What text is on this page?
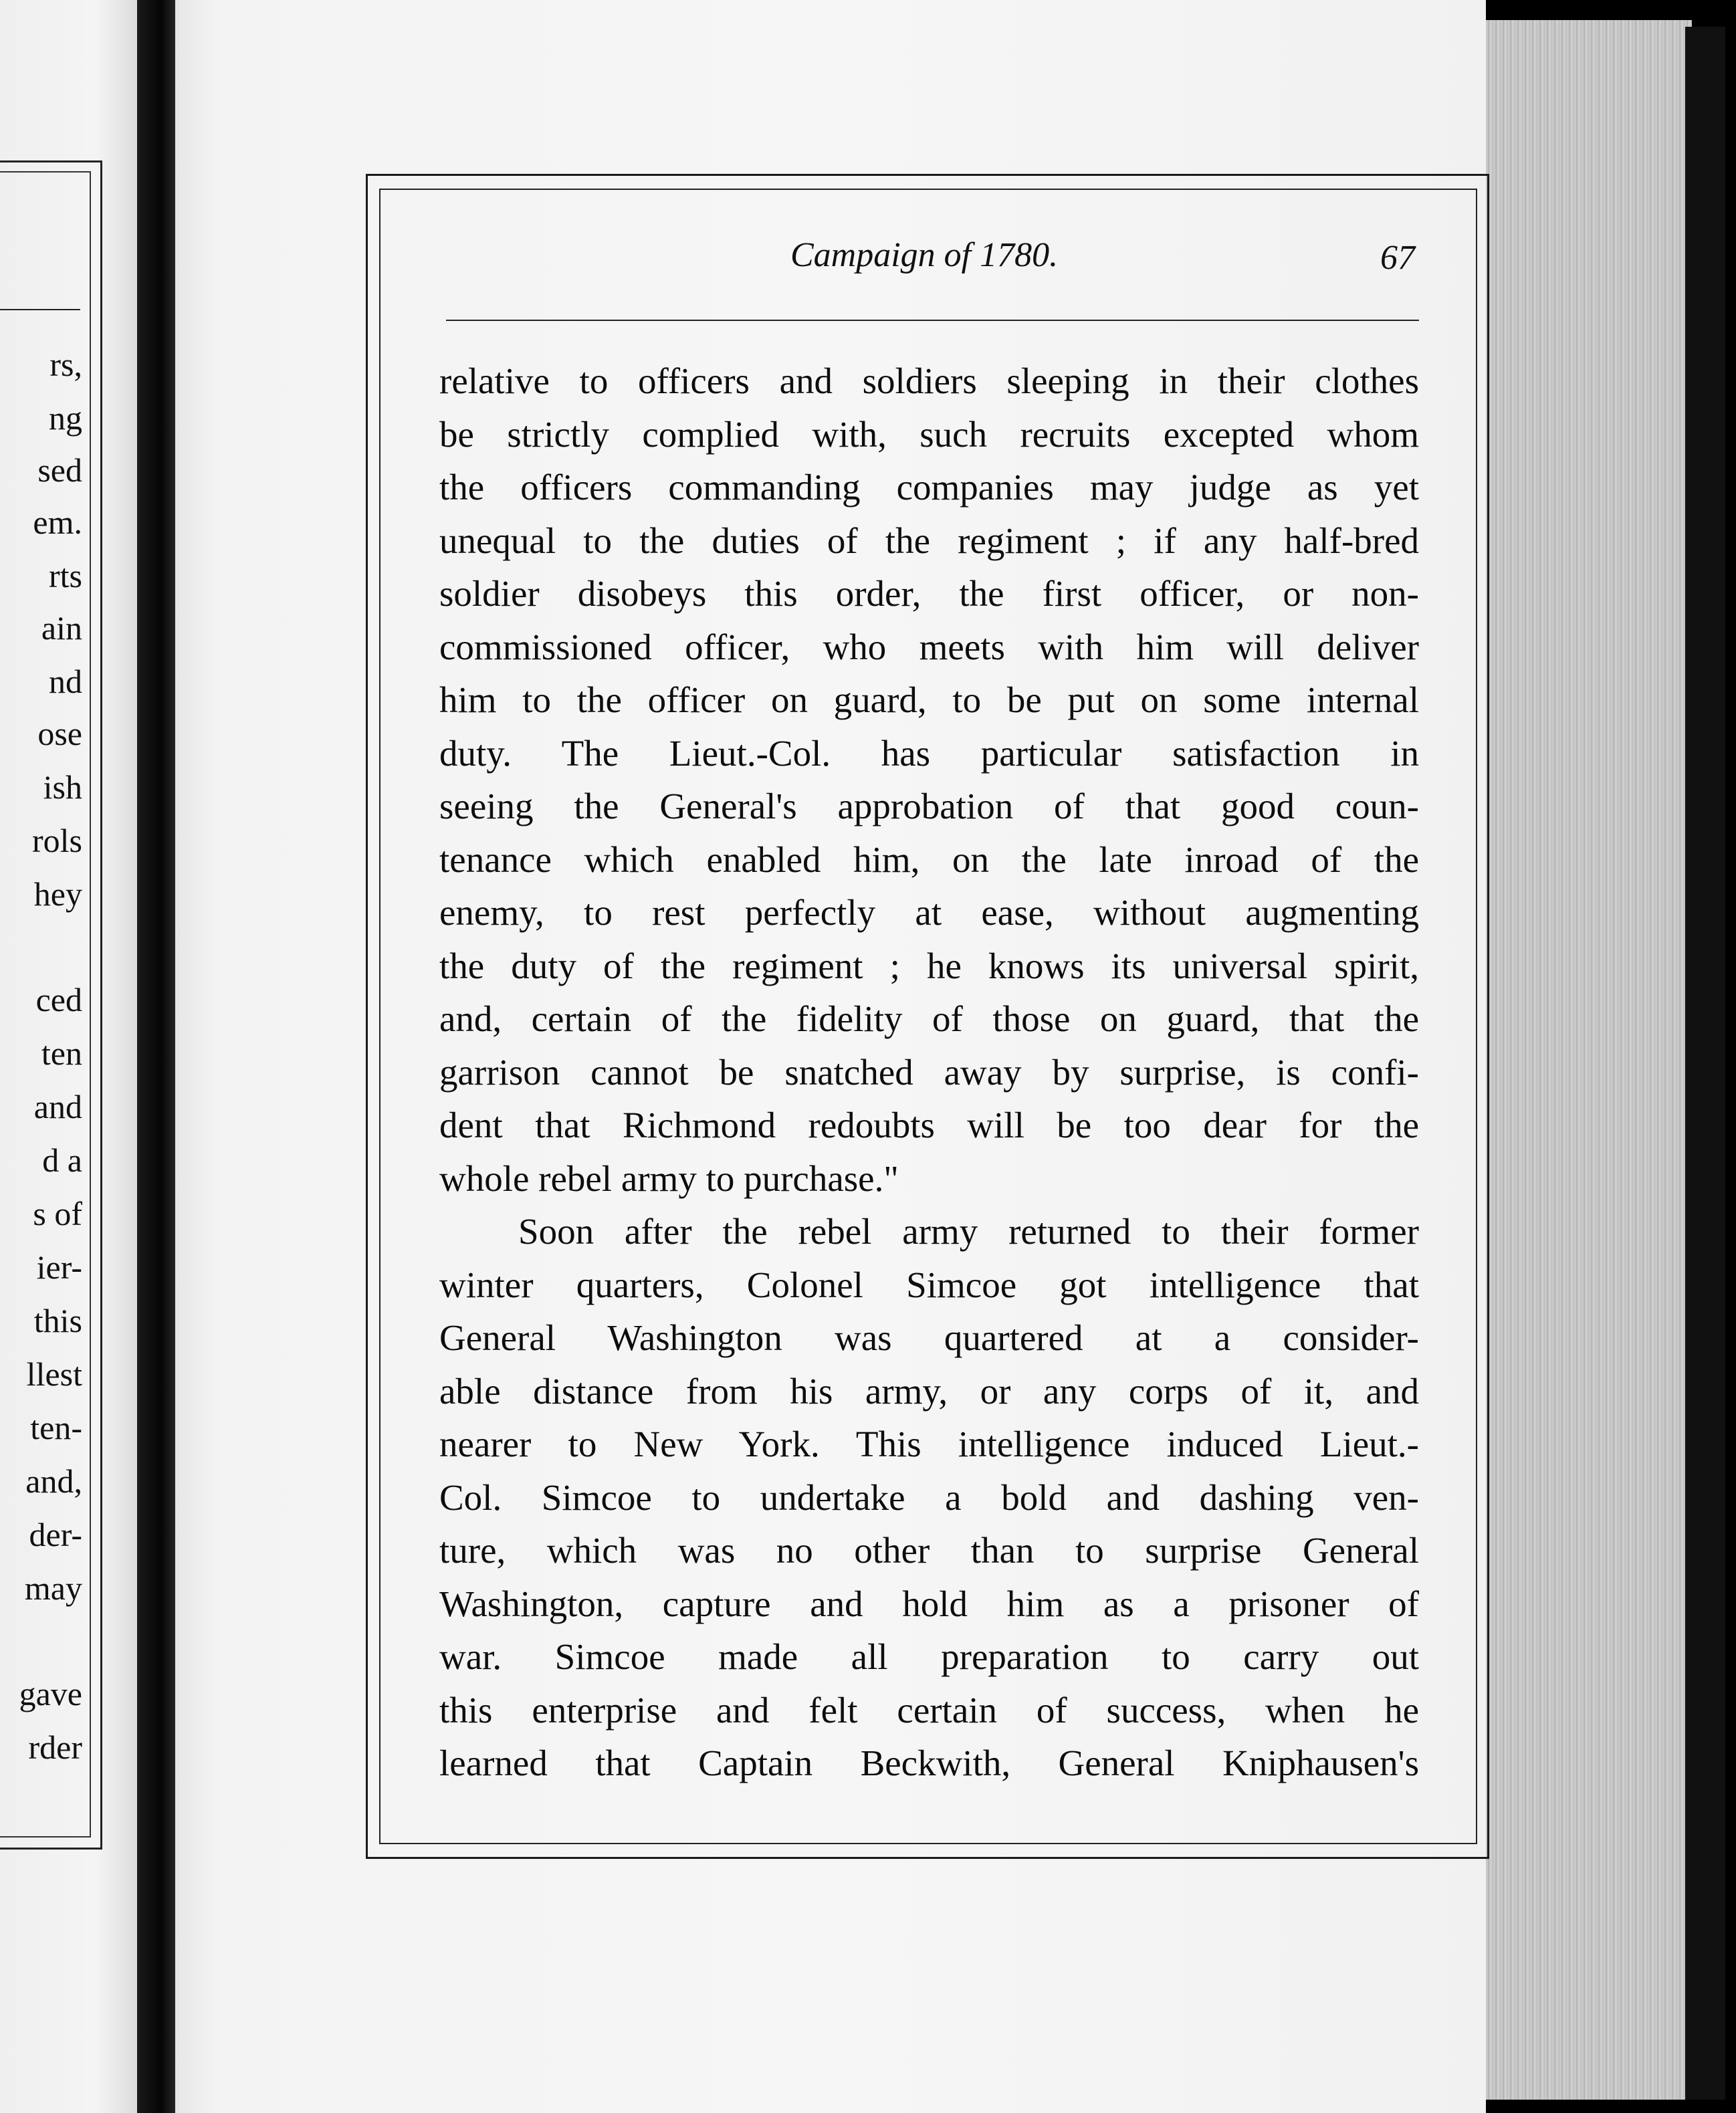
rs,
ng
sed
em.
rts
ain
nd
ose
ish
rols
hey
ced
ten
and
d a
s of
ier-
this
llest
ten-
and,
der-
may
gave
rder
Campaign of 1780.	67
relative to officers and soldiers sleeping in their clothes
be strictly complied with, such recruits excepted whom
the officers commanding companies may judge as yet
unequal to the duties of the regiment ; if any half-bred
soldier disobeys this order, the first officer, or non-
commissioned officer, who meets with him will deliver
him to the officer on guard, to be put on some internal
duty. The Lieut.-Col. has particular satisfaction in
seeing the General's approbation of that good coun-
tenance which enabled him, on the late inroad of the
enemy, to rest perfectly at ease, without augmenting
the duty of the regiment ; he knows its universal spirit,
and, certain of the fidelity of those on guard, that the
garrison cannot be snatched away by surprise, is confi-
dent that Richmond redoubts will be too dear for the
whole rebel army to purchase."
Soon after the rebel army returned to their former
winter quarters, Colonel Simcoe got intelligence that
General Washington was quartered at a consider-
able distance from his army, or any corps of it, and
nearer to New York. This intelligence induced Lieut.-
Col. Simcoe to undertake a bold and dashing ven-
ture, which was no other than to surprise General
Washington, capture and hold him as a prisoner of
war. Simcoe made all preparation to carry out
this enterprise and felt certain of success, when he
learned that Captain Beckwith, General Kniphausen's
